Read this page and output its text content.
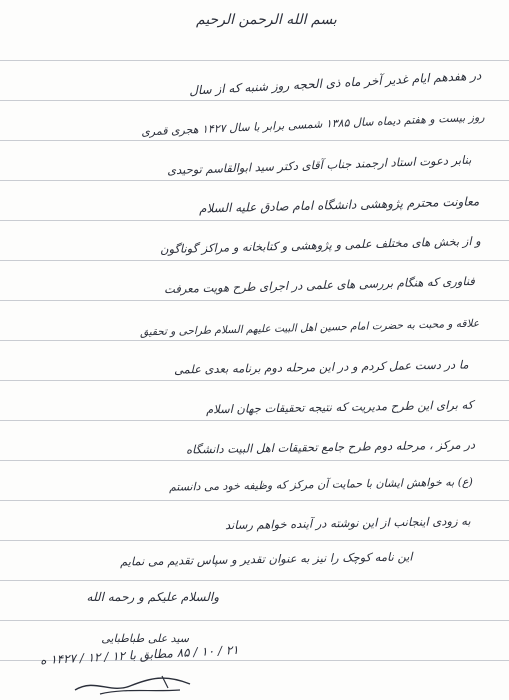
بسم الله الرحمن الرحیم
در هفدهم ایام غدیر آخر ماه ذی الحجه روز شنبه که از سال
روز بیست و هفتم دیماه سال ۱۳۸۵ شمسی برابر با سال ۱۴۲۷ هجری قمری
بنابر دعوت استاد ارجمند جناب آقای دکتر سید ابوالقاسم توحیدی
معاونت محترم پژوهشی دانشگاه امام صادق علیه السلام
و از بخش های مختلف علمی و پژوهشی و کتابخانه و مراکز گوناگون
فناوری که هنگام بررسی های علمی در اجرای طرح هویت معرفت
علاقه و محبت به حضرت امام حسین اهل البیت علیهم السلام طراحی و تحقیق
ما در دست عمل کردم و در این مرحله دوم برنامه بعدی علمی
که برای این طرح مدیریت که نتیجه تحقیقات جهان اسلام
در مرکز ، مرحله دوم طرح جامع تحقیقات اهل البیت دانشگاه
(ع) به خواهش ایشان با حمایت آن مرکز که وظیفه خود می دانستم
به زودی اینجانب از این نوشته در آینده خواهم رساند
این نامه کوچک را نیز به عنوان تقدیر و سپاس تقدیم می نمایم
والسلام علیکم و رحمه الله
سید علی طباطبایی
۲۱ / ۱۰ / ۸۵ مطابق با ۱۲ / ۱۲ / ۱۴۲۷ ه
